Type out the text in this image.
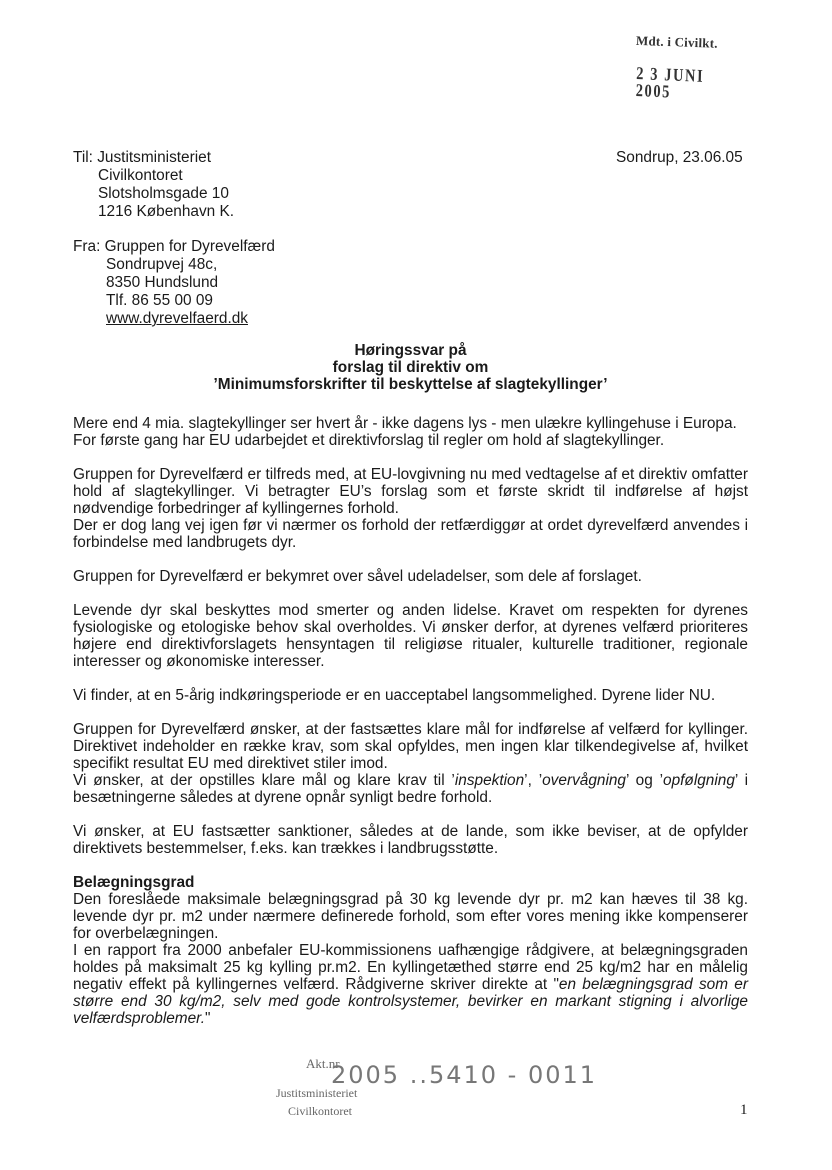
Mdt. i Civilkt.
2 3 JUNI 2005
Til: Justitsministeriet
Civilkontoret
Slotsholmsgade 10
1216 København K.
Sondrup, 23.06.05
Fra: Gruppen for Dyrevelfærd
Sondrupvej 48c,
8350 Hundslund
Tlf. 86 55 00 09
www.dyrevelfaerd.dk
Høringssvar på
forslag til direktiv om
’Minimumsforskrifter til beskyttelse af slagtekyllinger’

Mere end 4 mia. slagtekyllinger ser hvert år - ikke dagens lys - men ulækre kyllingehuse i Europa.

For første gang har EU udarbejdet et direktivforslag til regler om hold af slagtekyllinger.

Gruppen for Dyrevelfærd er tilfreds med, at EU-lovgivning nu med vedtagelse af et direktiv omfatter hold af slagtekyllinger. Vi betragter EU’s forslag som et første skridt til indførelse af højst nødvendige forbedringer af kyllingernes forhold.

Der er dog lang vej igen før vi nærmer os forhold der retfærdiggør at ordet dyrevelfærd anvendes i forbindelse med landbrugets dyr.

Gruppen for Dyrevelfærd er bekymret over såvel udeladelser, som dele af forslaget.

Levende dyr skal beskyttes mod smerter og anden lidelse. Kravet om respekten for dyrenes fysiologiske og etologiske behov skal overholdes. Vi ønsker derfor, at dyrenes velfærd prioriteres højere end direktivforslagets hensyntagen til religiøse ritualer, kulturelle traditioner, regionale interesser og økonomiske interesser.

Vi finder, at en 5-årig indkøringsperiode er en uacceptabel langsommelighed. Dyrene lider NU.

Gruppen for Dyrevelfærd ønsker, at der fastsættes klare mål for indførelse af velfærd for kyllinger. Direktivet indeholder en række krav, som skal opfyldes, men ingen klar tilkendegivelse af, hvilket specifikt resultat EU med direktivet stiler imod.

Vi ønsker, at der opstilles klare mål og klare krav til ’inspektion’, ’overvågning’ og ’opfølgning’ i besætningerne således at dyrene opnår synligt bedre forhold.

Vi ønsker, at EU fastsætter sanktioner, således at de lande, som ikke beviser, at de opfylder direktivets bestemmelser, f.eks. kan trækkes i landbrugsstøtte.

Belægningsgrad

Den foreslåede maksimale belægningsgrad på 30 kg levende dyr pr. m2 kan hæves til 38 kg. levende dyr pr. m2 under nærmere definerede forhold, som efter vores mening ikke kompenserer for overbelægningen.

I en rapport fra 2000 anbefaler EU-kommissionens uafhængige rådgivere, at belægningsgraden holdes på maksimalt 25 kg kylling pr.m2. En kyllingetæthed større end 25 kg/m2 har en målelig negativ effekt på kyllingernes velfærd. Rådgiverne skriver direkte at "en belægningsgrad som er større end 30 kg/m2, selv med gode kontrolsystemer, bevirker en markant stigning i alvorlige velfærdsproblemer."

Akt.nr.
Justitsministeriet
Civilkontoret
2005 ..5410 - 0011
1
